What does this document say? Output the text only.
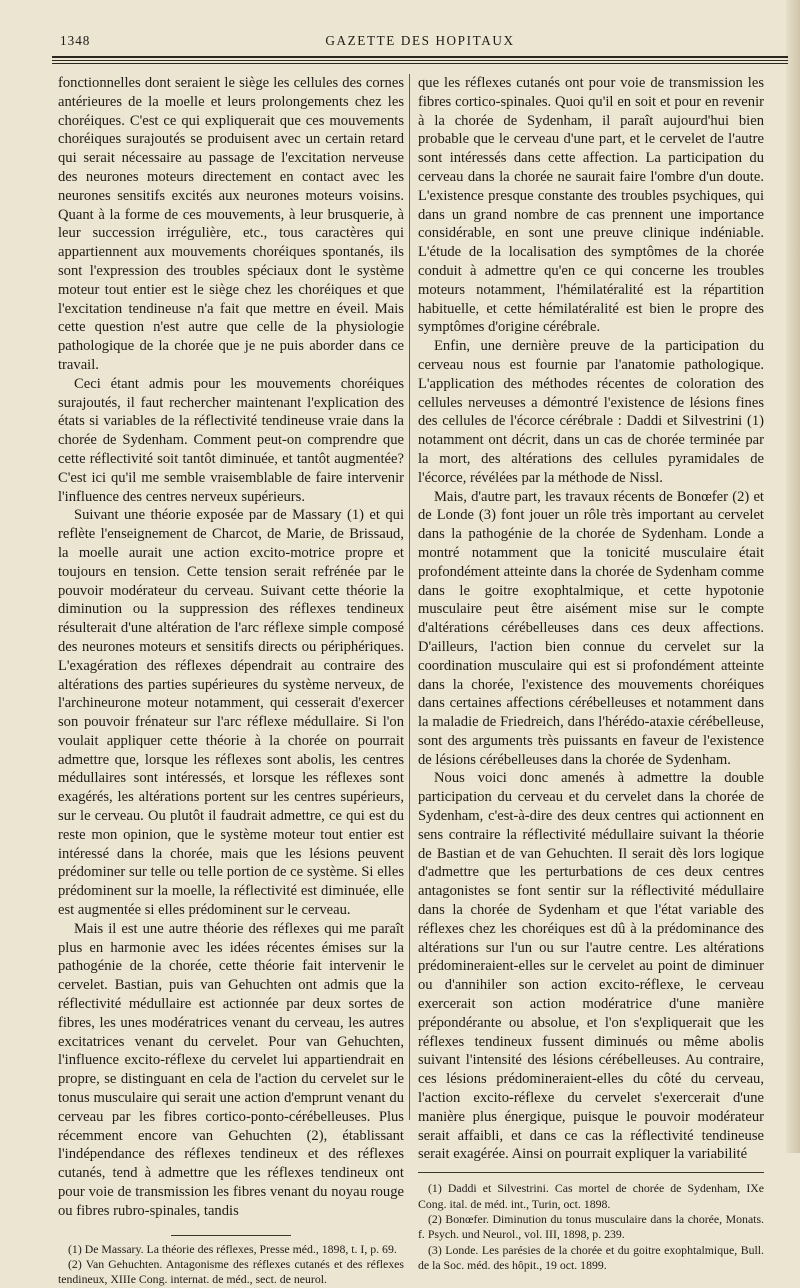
1348	GAZETTE DES HOPITAUX

fonctionnelles dont seraient le siège les cellules des cornes antérieures de la moelle et leurs prolongements chez les choréiques. C'est ce qui expliquerait que ces mouvements choréiques surajoutés se produisent avec un certain retard qui serait nécessaire au passage de l'excitation nerveuse des neurones moteurs directement en contact avec les neurones sensitifs excités aux neurones moteurs voisins. Quant à la forme de ces mouvements, à leur brusquerie, à leur succession irrégulière, etc., tous caractères qui appartiennent aux mouvements choréiques spontanés, ils sont l'expression des troubles spéciaux dont le système moteur tout entier est le siège chez les choréiques et que l'excitation tendineuse n'a fait que mettre en éveil. Mais cette question n'est autre que celle de la physiologie pathologique de la chorée que je ne puis aborder dans ce travail.

Ceci étant admis pour les mouvements choréiques surajoutés, il faut rechercher maintenant l'explication des états si variables de la réflectivité tendineuse vraie dans la chorée de Sydenham. Comment peut-on comprendre que cette réflectivité soit tantôt diminuée, et tantôt augmentée? C'est ici qu'il me semble vraisemblable de faire intervenir l'influence des centres nerveux supérieurs.

Suivant une théorie exposée par de Massary (1) et qui reflète l'enseignement de Charcot, de Marie, de Brissaud, la moelle aurait une action excito-motrice propre et toujours en tension. Cette tension serait refrénée par le pouvoir modérateur du cerveau. Suivant cette théorie la diminution ou la suppression des réflexes tendineux résulterait d'une altération de l'arc réflexe simple composé des neurones moteurs et sensitifs directs ou périphériques. L'exagération des réflexes dépendrait au contraire des altérations des parties supérieures du système nerveux, de l'archineurone moteur notamment, qui cesserait d'exercer son pouvoir frénateur sur l'arc réflexe médullaire. Si l'on voulait appliquer cette théorie à la chorée on pourrait admettre que, lorsque les réflexes sont abolis, les centres médullaires sont intéressés, et lorsque les réflexes sont exagérés, les altérations portent sur les centres supérieurs, sur le cerveau. Ou plutôt il faudrait admettre, ce qui est du reste mon opinion, que le système moteur tout entier est intéressé dans la chorée, mais que les lésions peuvent prédominer sur telle ou telle portion de ce système. Si elles prédominent sur la moelle, la réflectivité est diminuée, elle est augmentée si elles prédominent sur le cerveau.

Mais il est une autre théorie des réflexes qui me paraît plus en harmonie avec les idées récentes émises sur la pathogénie de la chorée, cette théorie fait intervenir le cervelet. Bastian, puis van Gehuchten ont admis que la réflectivité médullaire est actionnée par deux sortes de fibres, les unes modératrices venant du cerveau, les autres excitatrices venant du cervelet. Pour van Gehuchten, l'influence excito-réflexe du cervelet lui appartiendrait en propre, se distinguant en cela de l'action du cervelet sur le tonus musculaire qui serait une action d'emprunt venant du cerveau par les fibres cortico-ponto-cérébelleuses. Plus récemment encore van Gehuchten (2), établissant l'indépendance des réflexes tendineux et des réflexes cutanés, tend à admettre que les réflexes tendineux ont pour voie de transmission les fibres venant du noyau rouge ou fibres rubro-spinales, tandis

(1) De Massary. La théorie des réflexes, Presse méd., 1898, t. I, p. 69.

(2) Van Gehuchten. Antagonisme des réflexes cutanés et des réflexes tendineux, XIIIe Cong. internat. de méd., sect. de neurol.

que les réflexes cutanés ont pour voie de transmission les fibres cortico-spinales. Quoi qu'il en soit et pour en revenir à la chorée de Sydenham, il paraît aujourd'hui bien probable que le cerveau d'une part, et le cervelet de l'autre sont intéressés dans cette affection. La participation du cerveau dans la chorée ne saurait faire l'ombre d'un doute. L'existence presque constante des troubles psychiques, qui dans un grand nombre de cas prennent une importance considérable, en sont une preuve clinique indéniable. L'étude de la localisation des symptômes de la chorée conduit à admettre qu'en ce qui concerne les troubles moteurs notamment, l'hémilatéralité est la répartition habituelle, et cette hémilatéralité est bien le propre des symptômes d'origine cérébrale.

Enfin, une dernière preuve de la participation du cerveau nous est fournie par l'anatomie pathologique. L'application des méthodes récentes de coloration des cellules nerveuses a démontré l'existence de lésions fines des cellules de l'écorce cérébrale : Daddi et Silvestrini (1) notamment ont décrit, dans un cas de chorée terminée par la mort, des altérations des cellules pyramidales de l'écorce, révélées par la méthode de Nissl.

Mais, d'autre part, les travaux récents de Bonœfer (2) et de Londe (3) font jouer un rôle très important au cervelet dans la pathogénie de la chorée de Sydenham. Londe a montré notamment que la tonicité musculaire était profondément atteinte dans la chorée de Sydenham comme dans le goitre exophtalmique, et cette hypotonie musculaire peut être aisément mise sur le compte d'altérations cérébelleuses dans ces deux affections. D'ailleurs, l'action bien connue du cervelet sur la coordination musculaire qui est si profondément atteinte dans la chorée, l'existence des mouvements choréiques dans certaines affections cérébelleuses et notamment dans la maladie de Friedreich, dans l'hérédo-ataxie cérébelleuse, sont des arguments très puissants en faveur de l'existence de lésions cérébelleuses dans la chorée de Sydenham.

Nous voici donc amenés à admettre la double participation du cerveau et du cervelet dans la chorée de Sydenham, c'est-à-dire des deux centres qui actionnent en sens contraire la réflectivité médullaire suivant la théorie de Bastian et de van Gehuchten. Il serait dès lors logique d'admettre que les perturbations de ces deux centres antagonistes se font sentir sur la réflectivité médullaire dans la chorée de Sydenham et que l'état variable des réflexes chez les choréiques est dû à la prédominance des altérations sur l'un ou sur l'autre centre. Les altérations prédomineraient-elles sur le cervelet au point de diminuer ou d'annihiler son action excito-réflexe, le cerveau exercerait son action modératrice d'une manière prépondérante ou absolue, et l'on s'expliquerait que les réflexes tendineux fussent diminués ou même abolis suivant l'intensité des lésions cérébelleuses. Au contraire, ces lésions prédomineraient-elles du côté du cerveau, l'action excito-réflexe du cervelet s'exercerait d'une manière plus énergique, puisque le pouvoir modérateur serait affaibli, et dans ce cas la réflectivité tendineuse serait exagérée. Ainsi on pourrait expliquer la variabilité

(1) Daddi et Silvestrini. Cas mortel de chorée de Sydenham, IXe Cong. ital. de méd. int., Turin, oct. 1898.

(2) Bonœfer. Diminution du tonus musculaire dans la chorée, Monats. f. Psych. und Neurol., vol. III, 1898, p. 239.

(3) Londe. Les parésies de la chorée et du goitre exophtalmique, Bull. de la Soc. méd. des hôpit., 19 oct. 1899.
